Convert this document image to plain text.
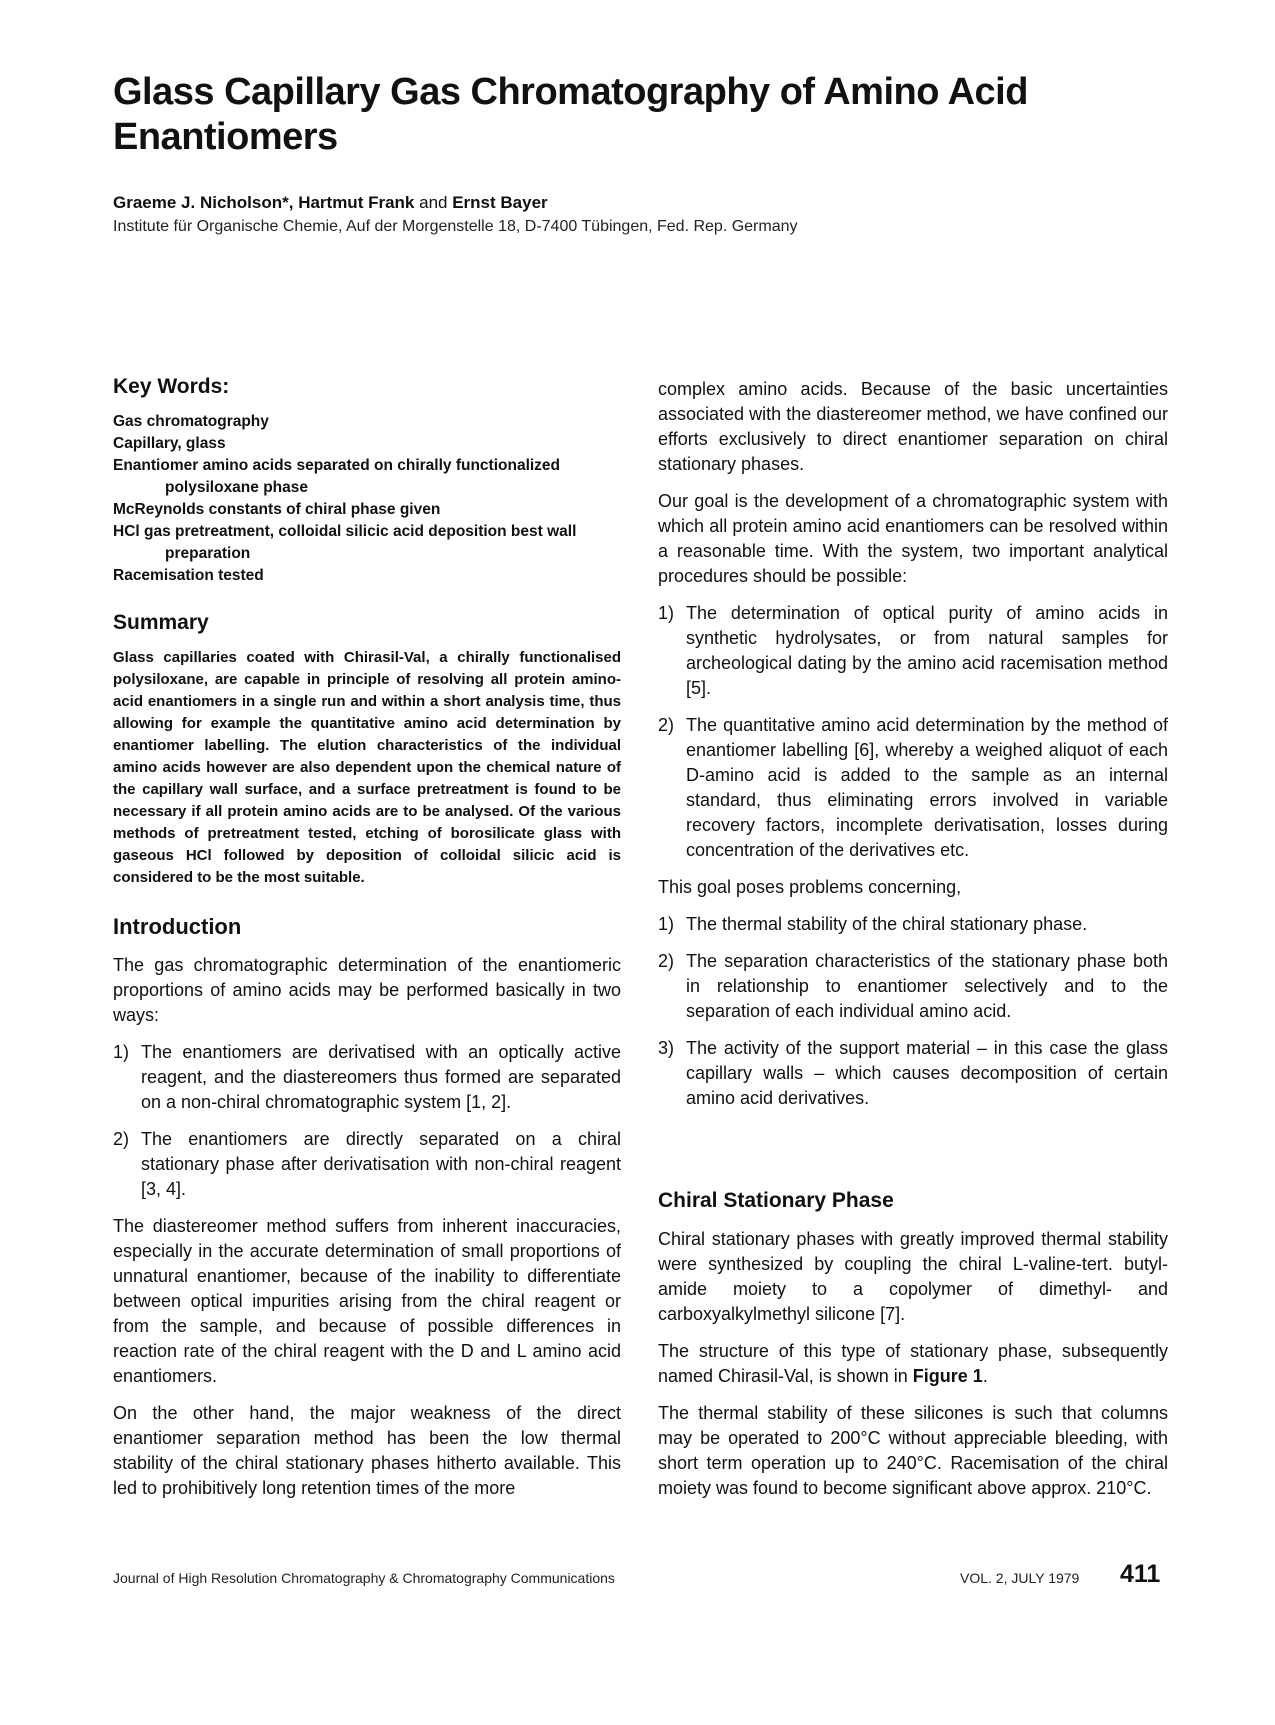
Glass Capillary Gas Chromatography of Amino Acid Enantiomers

Graeme J. Nicholson*, Hartmut Frank and Ernst Bayer

Institute für Organische Chemie, Auf der Morgenstelle 18, D-7400 Tübingen, Fed. Rep. Germany

Key Words:
Gas chromatography
Capillary, glass
Enantiomer amino acids separated on chirally functionalized polysiloxane phase
McReynolds constants of chiral phase given
HCl gas pretreatment, colloidal silicic acid deposition best wall preparation
Racemisation tested
Summary

Glass capillaries coated with Chirasil-Val, a chirally functionalised polysiloxane, are capable in principle of resolving all protein amino-acid enantiomers in a single run and within a short analysis time, thus allowing for example the quantitative amino acid determination by enantiomer labelling. The elution characteristics of the individual amino acids however are also dependent upon the chemical nature of the capillary wall surface, and a surface pretreatment is found to be necessary if all protein amino acids are to be analysed. Of the various methods of pretreatment tested, etching of borosilicate glass with gaseous HCl followed by deposition of colloidal silicic acid is considered to be the most suitable.

Introduction

The gas chromatographic determination of the enantiomeric proportions of amino acids may be performed basically in two ways:

1) The enantiomers are derivatised with an optically active reagent, and the diastereomers thus formed are separated on a non-chiral chromatographic system [1, 2].
2) The enantiomers are directly separated on a chiral stationary phase after derivatisation with non-chiral reagent [3, 4].

The diastereomer method suffers from inherent inaccuracies, especially in the accurate determination of small proportions of unnatural enantiomer, because of the inability to differentiate between optical impurities arising from the chiral reagent or from the sample, and because of possible differences in reaction rate of the chiral reagent with the D and L amino acid enantiomers.

On the other hand, the major weakness of the direct enantiomer separation method has been the low thermal stability of the chiral stationary phases hitherto available. This led to prohibitively long retention times of the more

complex amino acids. Because of the basic uncertainties associated with the diastereomer method, we have confined our efforts exclusively to direct enantiomer separation on chiral stationary phases.

Our goal is the development of a chromatographic system with which all protein amino acid enantiomers can be resolved within a reasonable time. With the system, two important analytical procedures should be possible:

1) The determination of optical purity of amino acids in synthetic hydrolysates, or from natural samples for archeological dating by the amino acid racemisation method [5].
2) The quantitative amino acid determination by the method of enantiomer labelling [6], whereby a weighed aliquot of each D-amino acid is added to the sample as an internal standard, thus eliminating errors involved in variable recovery factors, incomplete derivatisation, losses during concentration of the derivatives etc.

This goal poses problems concerning,

1) The thermal stability of the chiral stationary phase.
2) The separation characteristics of the stationary phase both in relationship to enantiomer selectively and to the separation of each individual amino acid.
3) The activity of the support material – in this case the glass capillary walls – which causes decomposition of certain amino acid derivatives.
Chiral Stationary Phase

Chiral stationary phases with greatly improved thermal stability were synthesized by coupling the chiral L-valine-tert. butyl-amide moiety to a copolymer of dimethyl- and carboxyalkylmethyl silicone [7].

The structure of this type of stationary phase, subsequently named Chirasil-Val, is shown in Figure 1.

The thermal stability of these silicones is such that columns may be operated to 200°C without appreciable bleeding, with short term operation up to 240°C. Racemisation of the chiral moiety was found to become significant above approx. 210°C.

Journal of High Resolution Chromatography & Chromatography Communications	VOL. 2, JULY 1979 411
